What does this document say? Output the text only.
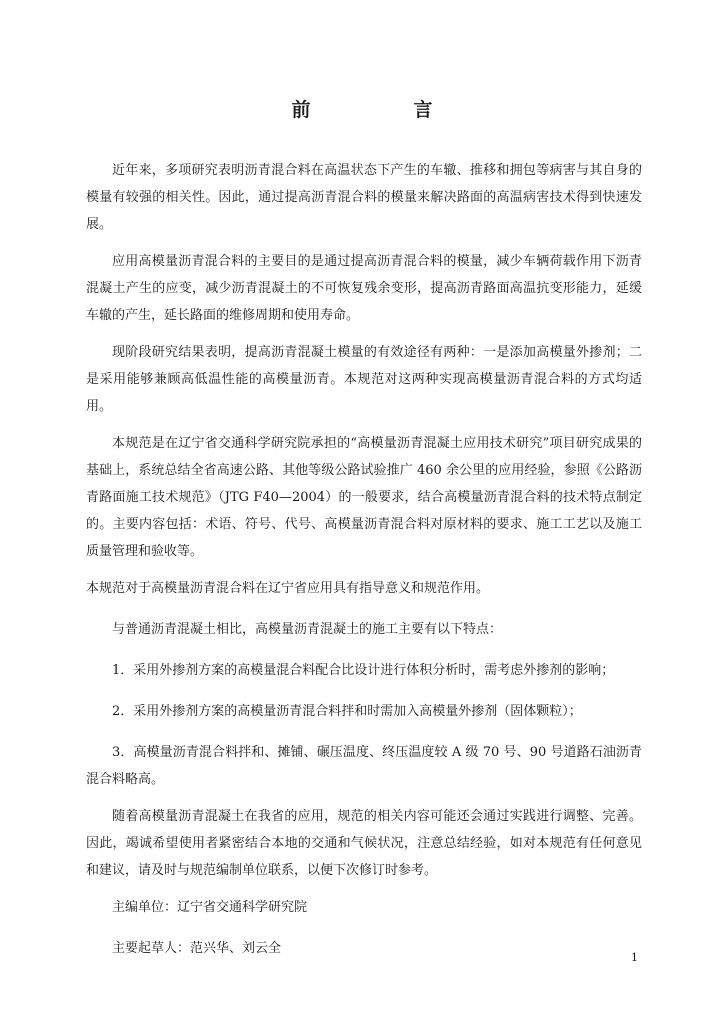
前　言

近年来，多项研究表明沥青混合料在高温状态下产生的车辙、推移和拥包等病害与其自身的模量有较强的相关性。因此，通过提高沥青混合料的模量来解决路面的高温病害技术得到快速发展。

应用高模量沥青混合料的主要目的是通过提高沥青混合料的模量，减少车辆荷载作用下沥青混凝土产生的应变，减少沥青混凝土的不可恢复残余变形，提高沥青路面高温抗变形能力，延缓车辙的产生，延长路面的维修周期和使用寿命。

现阶段研究结果表明，提高沥青混凝土模量的有效途径有两种：一是添加高模量外掺剂；二是采用能够兼顾高低温性能的高模量沥青。本规范对这两种实现高模量沥青混合料的方式均适用。

本规范是在辽宁省交通科学研究院承担的“高模量沥青混凝土应用技术研究”项目研究成果的基础上，系统总结全省高速公路、其他等级公路试验推广 460 余公里的应用经验，参照《公路沥青路面施工技术规范》（JTG F40—2004）的一般要求，结合高模量沥青混合料的技术特点制定的。主要内容包括：术语、符号、代号、高模量沥青混合料对原材料的要求、施工工艺以及施工质量管理和验收等。

本规范对于高模量沥青混合料在辽宁省应用具有指导意义和规范作用。

与普通沥青混凝土相比，高模量沥青混凝土的施工主要有以下特点：

1．采用外掺剂方案的高模量混合料配合比设计进行体积分析时，需考虑外掺剂的影响；

2．采用外掺剂方案的高模量沥青混合料拌和时需加入高模量外掺剂（固体颗粒）；

3．高模量沥青混合料拌和、摊铺、碾压温度、终压温度较 A 级 70 号、90 号道路石油沥青混合料略高。

随着高模量沥青混凝土在我省的应用，规范的相关内容可能还会通过实践进行调整、完善。因此，竭诚希望使用者紧密结合本地的交通和气候状况，注意总结经验，如对本规范有任何意见和建议，请及时与规范编制单位联系，以便下次修订时参考。

主编单位：辽宁省交通科学研究院

主要起草人：范兴华、刘云全

1
